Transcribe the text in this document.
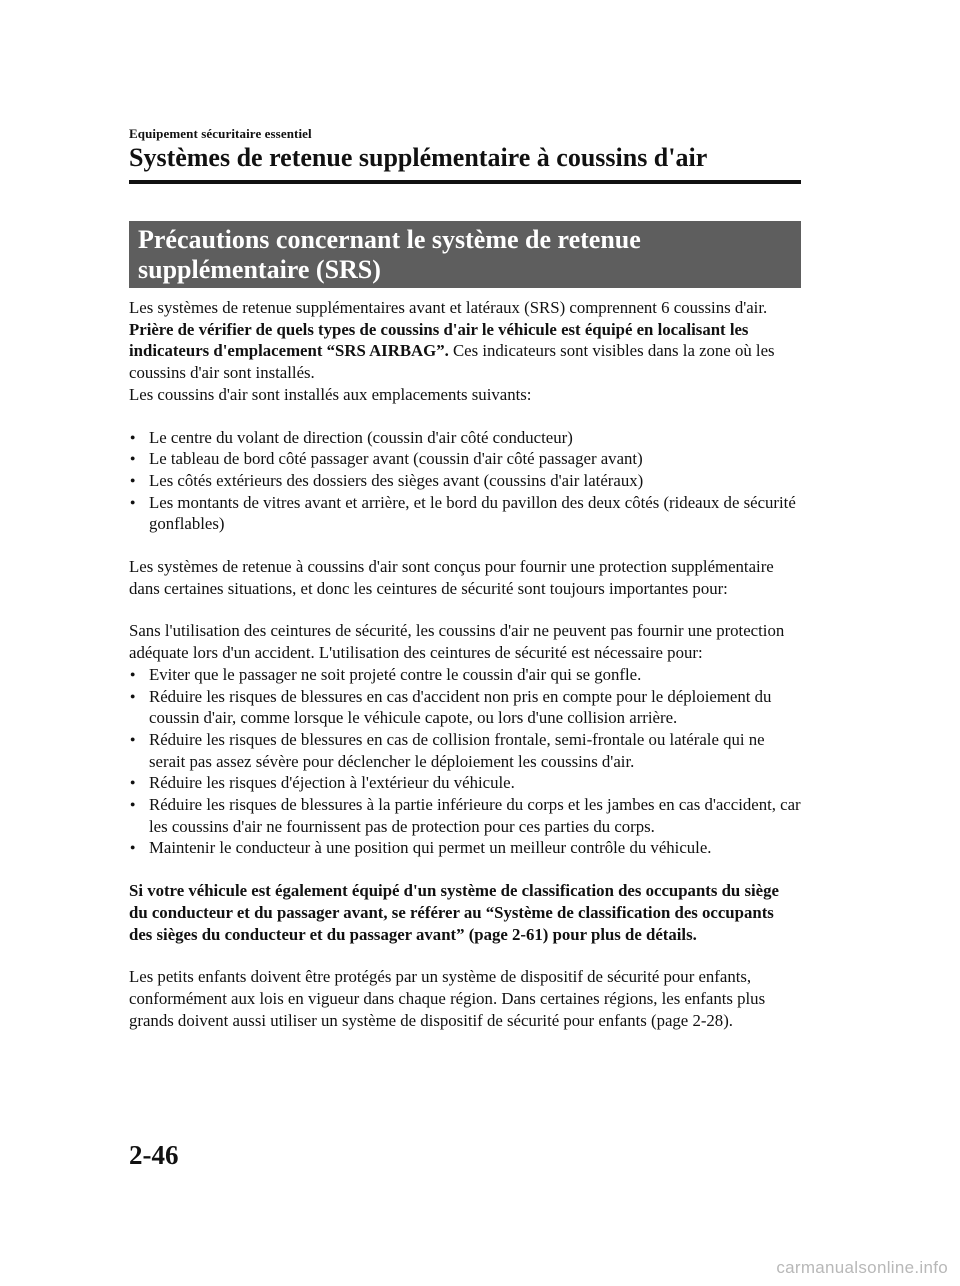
Equipement sécuritaire essentiel
Systèmes de retenue supplémentaire à coussins d'air
Précautions concernant le système de retenue
supplémentaire (SRS)

Les systèmes de retenue supplémentaires avant et latéraux (SRS) comprennent 6 coussins d'air. Prière de vérifier de quels types de coussins d'air le véhicule est équipé en localisant les indicateurs d'emplacement “SRS AIRBAG”. Ces indicateurs sont visibles dans la zone où les coussins d'air sont installés.

Les coussins d'air sont installés aux emplacements suivants:

● Le centre du volant de direction (coussin d'air côté conducteur)
● Le tableau de bord côté passager avant (coussin d'air côté passager avant)
● Les côtés extérieurs des dossiers des sièges avant (coussins d'air latéraux)
● Les montants de vitres avant et arrière, et le bord du pavillon des deux côtés (rideaux de sécurité gonflables)

Les systèmes de retenue à coussins d'air sont conçus pour fournir une protection supplémentaire dans certaines situations, et donc les ceintures de sécurité sont toujours importantes pour:

Sans l'utilisation des ceintures de sécurité, les coussins d'air ne peuvent pas fournir une protection adéquate lors d'un accident. L'utilisation des ceintures de sécurité est nécessaire pour:

● Eviter que le passager ne soit projeté contre le coussin d'air qui se gonfle.
● Réduire les risques de blessures en cas d'accident non pris en compte pour le déploiement du coussin d'air, comme lorsque le véhicule capote, ou lors d'une collision arrière.
● Réduire les risques de blessures en cas de collision frontale, semi-frontale ou latérale qui ne serait pas assez sévère pour déclencher le déploiement les coussins d'air.
● Réduire les risques d'éjection à l'extérieur du véhicule.
● Réduire les risques de blessures à la partie inférieure du corps et les jambes en cas d'accident, car les coussins d'air ne fournissent pas de protection pour ces parties du corps.
● Maintenir le conducteur à une position qui permet un meilleur contrôle du véhicule.

Si votre véhicule est également équipé d'un système de classification des occupants du siège du conducteur et du passager avant, se référer au “Système de classification des occupants des sièges du conducteur et du passager avant” (page 2-61) pour plus de détails.

Les petits enfants doivent être protégés par un système de dispositif de sécurité pour enfants, conformément aux lois en vigueur dans chaque région. Dans certaines régions, les enfants plus grands doivent aussi utiliser un système de dispositif de sécurité pour enfants (page 2-28).

2-46
carmanualsonline.info
